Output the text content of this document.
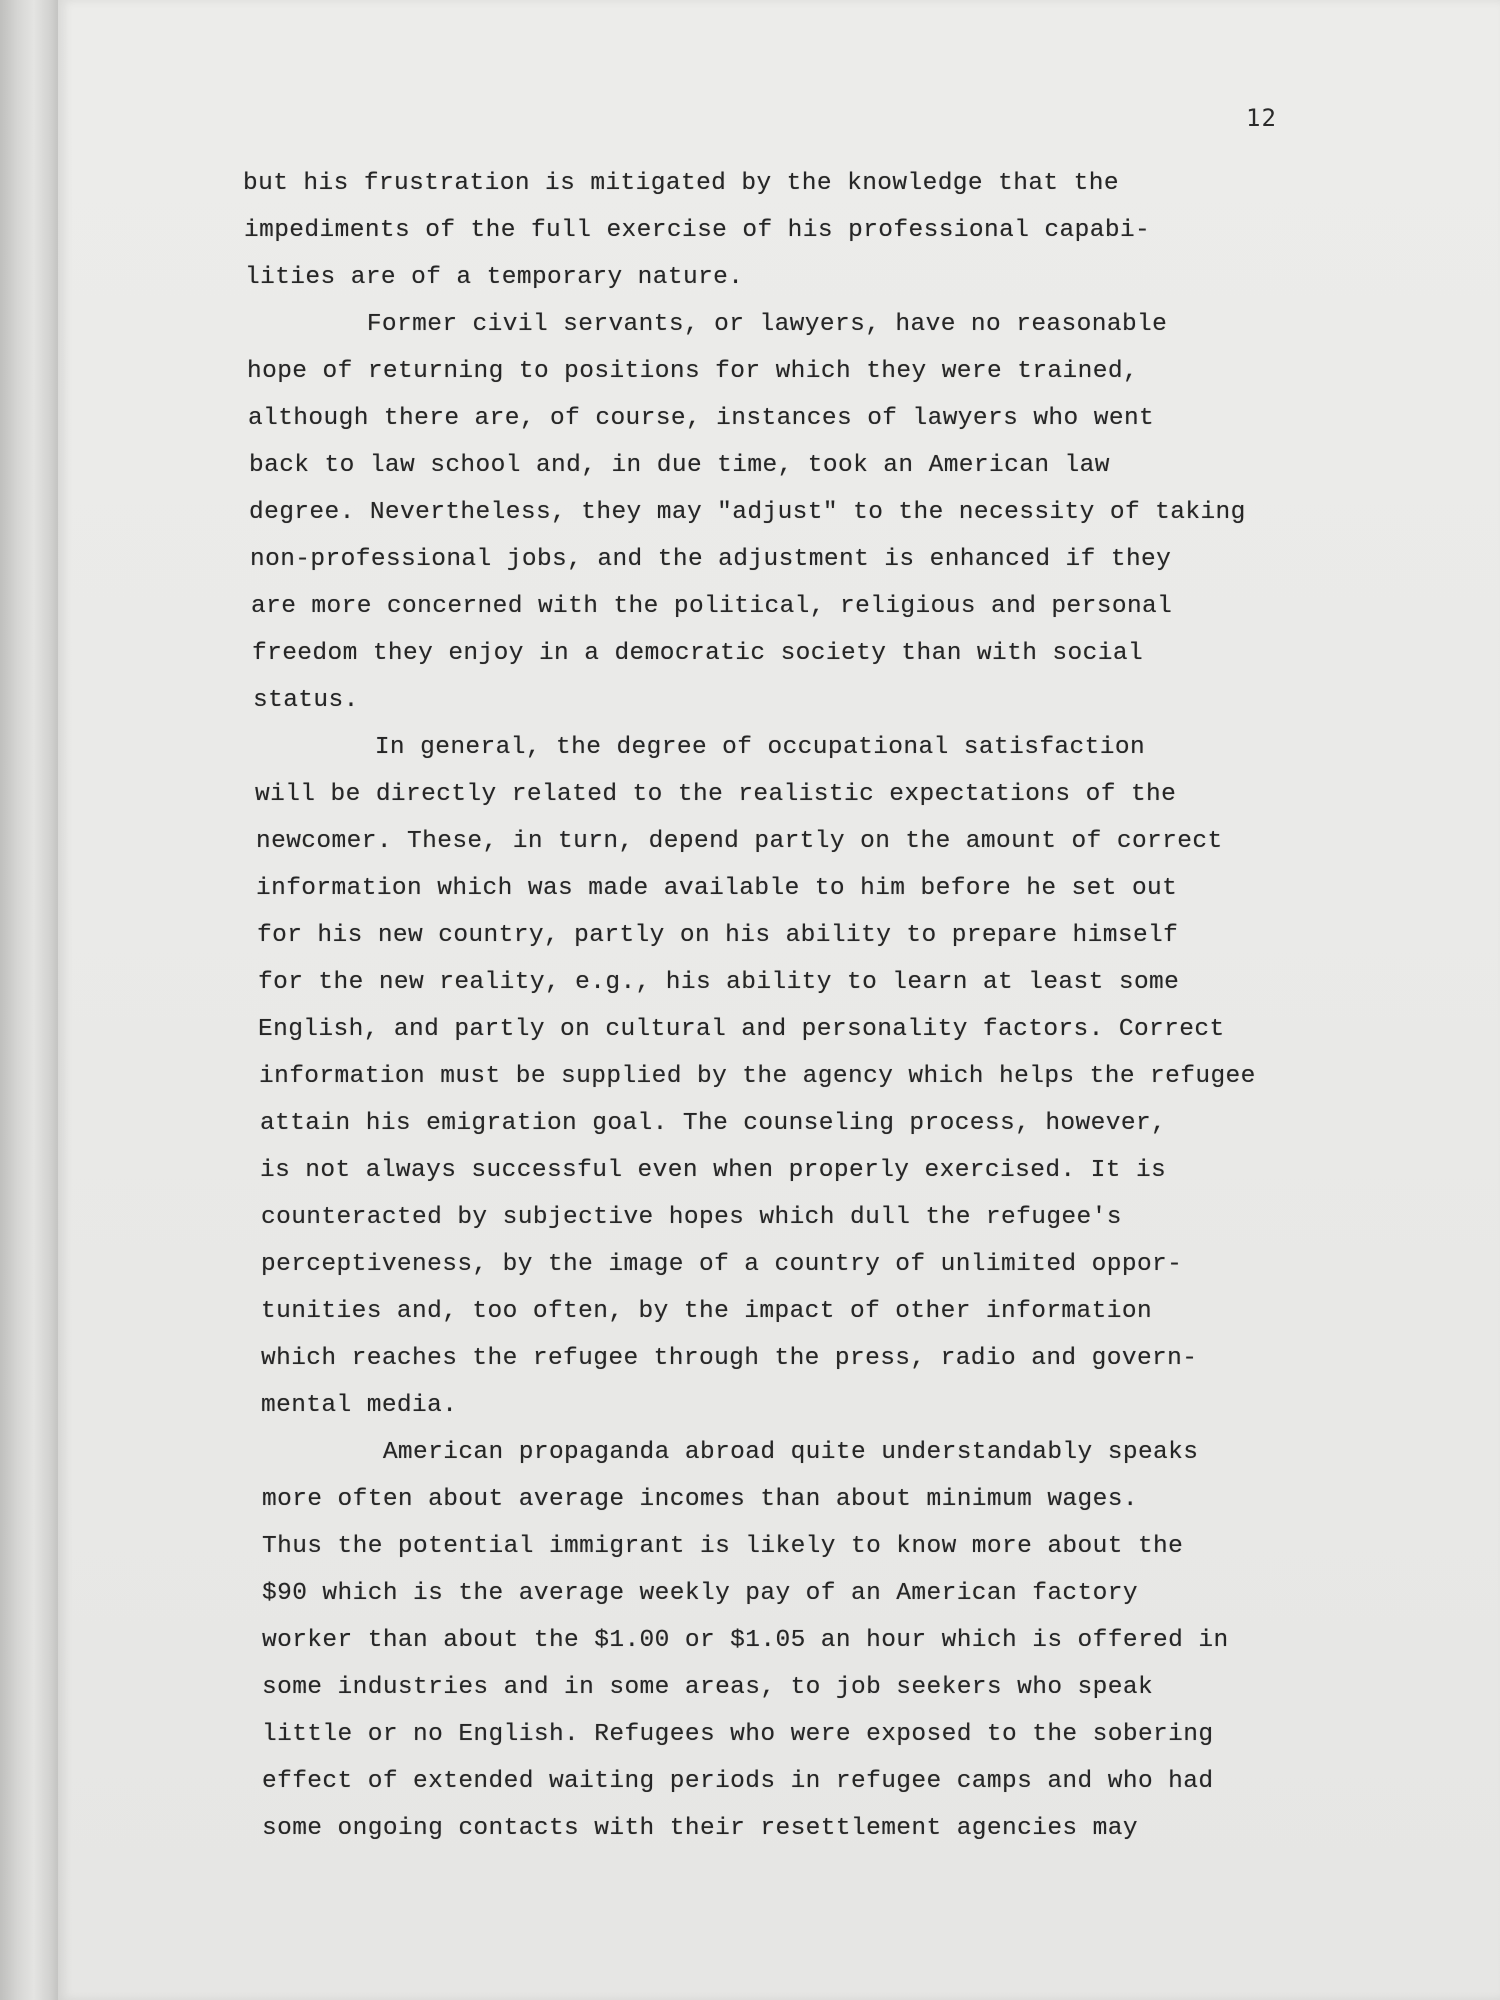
12
but his frustration is mitigated by the knowledge that the
impediments of the full exercise of his professional capabi-
lities are of a temporary nature.
Former civil servants, or lawyers, have no reasonable
hope of returning to positions for which they were trained,
although there are, of course, instances of lawyers who went
back to law school and, in due time, took an American law
degree. Nevertheless, they may "adjust" to the necessity of taking
non-professional jobs, and the adjustment is enhanced if they
are more concerned with the political, religious and personal
freedom they enjoy in a democratic society than with social
status.
In general, the degree of occupational satisfaction
will be directly related to the realistic expectations of the
newcomer. These, in turn, depend partly on the amount of correct
information which was made available to him before he set out
for his new country, partly on his ability to prepare himself
for the new reality, e.g., his ability to learn at least some
English, and partly on cultural and personality factors. Correct
information must be supplied by the agency which helps the refugee
attain his emigration goal. The counseling process, however,
is not always successful even when properly exercised. It is
counteracted by subjective hopes which dull the refugee's
perceptiveness, by the image of a country of unlimited oppor-
tunities and, too often, by the impact of other information
which reaches the refugee through the press, radio and govern-
mental media.
American propaganda abroad quite understandably speaks
more often about average incomes than about minimum wages.
Thus the potential immigrant is likely to know more about the
$90 which is the average weekly pay of an American factory
worker than about the $1.00 or $1.05 an hour which is offered in
some industries and in some areas, to job seekers who speak
little or no English. Refugees who were exposed to the sobering
effect of extended waiting periods in refugee camps and who had
some ongoing contacts with their resettlement agencies may
